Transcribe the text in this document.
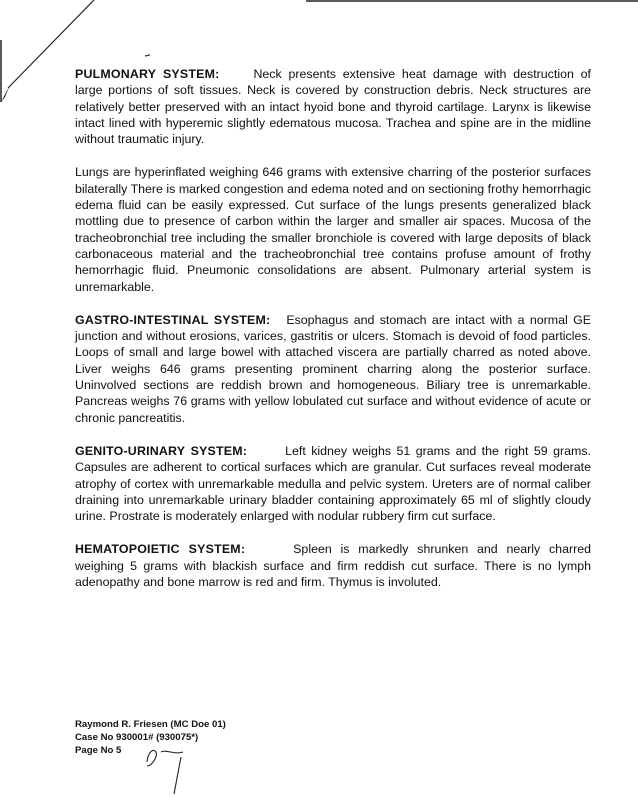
PULMONARY SYSTEM:	Neck presents extensive heat damage with destruction of large portions of soft tissues. Neck is covered by construction debris. Neck structures are relatively better preserved with an intact hyoid bone and thyroid cartilage. Larynx is likewise intact lined with hyperemic slightly edematous mucosa. Trachea and spine are in the midline without traumatic injury.
Lungs are hyperinflated weighing 646 grams with extensive charring of the posterior surfaces bilaterally There is marked congestion and edema noted and on sectioning frothy hemorrhagic edema fluid can be easily expressed. Cut surface of the lungs presents generalized black mottling due to presence of carbon within the larger and smaller air spaces. Mucosa of the tracheobronchial tree including the smaller bronchiole is covered with large deposits of black carbonaceous material and the tracheobronchial tree contains profuse amount of frothy hemorrhagic fluid. Pneumonic consolidations are absent. Pulmonary arterial system is unremarkable.
GASTRO-INTESTINAL SYSTEM: Esophagus and stomach are intact with a normal GE junction and without erosions, varices, gastritis or ulcers. Stomach is devoid of food particles. Loops of small and large bowel with attached viscera are partially charred as noted above. Liver weighs 646 grams presenting prominent charring along the posterior surface. Uninvolved sections are reddish brown and homogeneous. Biliary tree is unremarkable. Pancreas weighs 76 grams with yellow lobulated cut surface and without evidence of acute or chronic pancreatitis.
GENITO-URINARY SYSTEM:	Left kidney weighs 51 grams and the right 59 grams. Capsules are adherent to cortical surfaces which are granular. Cut surfaces reveal moderate atrophy of cortex with unremarkable medulla and pelvic system. Ureters are of normal caliber draining into unremarkable urinary bladder containing approximately 65 ml of slightly cloudy urine. Prostrate is moderately enlarged with nodular rubbery firm cut surface.
HEMATOPOIETIC SYSTEM:	Spleen is markedly shrunken and nearly charred weighing 5 grams with blackish surface and firm reddish cut surface. There is no lymph adenopathy and bone marrow is red and firm. Thymus is involuted.
Raymond R. Friesen (MC Doe 01)
Case No 930001# (930075*)
Page No 5
